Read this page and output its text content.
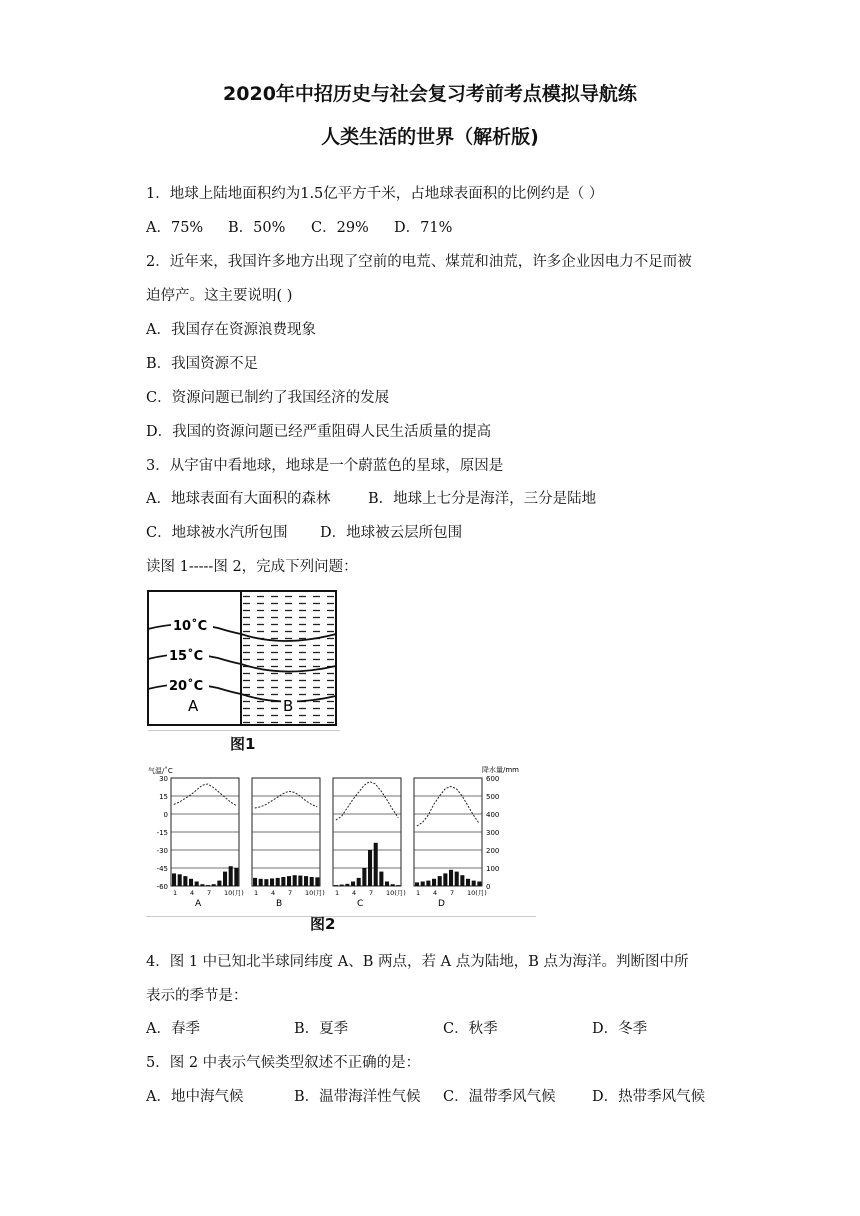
2020年中招历史与社会复习考前考点模拟导航练
人类生活的世界（解析版)
1．地球上陆地面积约为1.5亿平方千米，占地球表面积的比例约是（ ）
A．75% B．50% C．29% D．71%
2．近年来，我国许多地方出现了空前的电荒、煤荒和油荒，许多企业因电力不足而被
迫停产。这主要说明( )
A．我国存在资源浪费现象
B．我国资源不足
C．资源问题已制约了我国经济的发展
D．我国的资源问题已经严重阻碍人民生活质量的提高
3．从宇宙中看地球，地球是一个蔚蓝色的星球，原因是
A．地球表面有大面积的森林	B．地球上七分是海洋，三分是陆地
C．地球被水汽所包围 D．地球被云层所包围
读图 1-----图 2，完成下列问题：
10˚C
15˚C
20˚C
A	B
图1
气温/˚C	降水量/mm
30
15
0
-15
-30
-45
-60
600
500
400
300
200
100
0
1 4 7 10(月)
A
1 4 7 10(月)
B
1 4 7 10(月)
C
1 4 7 10(月)
D
图2
4．图 1 中已知北半球同纬度 A、B 两点，若 A 点为陆地，B 点为海洋。判断图中所
表示的季节是：
A．春季	B．夏季	C．秋季	D．冬季
5．图 2 中表示气候类型叙述不正确的是：
A．地中海气候	B．温带海洋性气候 C．温带季风气候	D．热带季风气候
